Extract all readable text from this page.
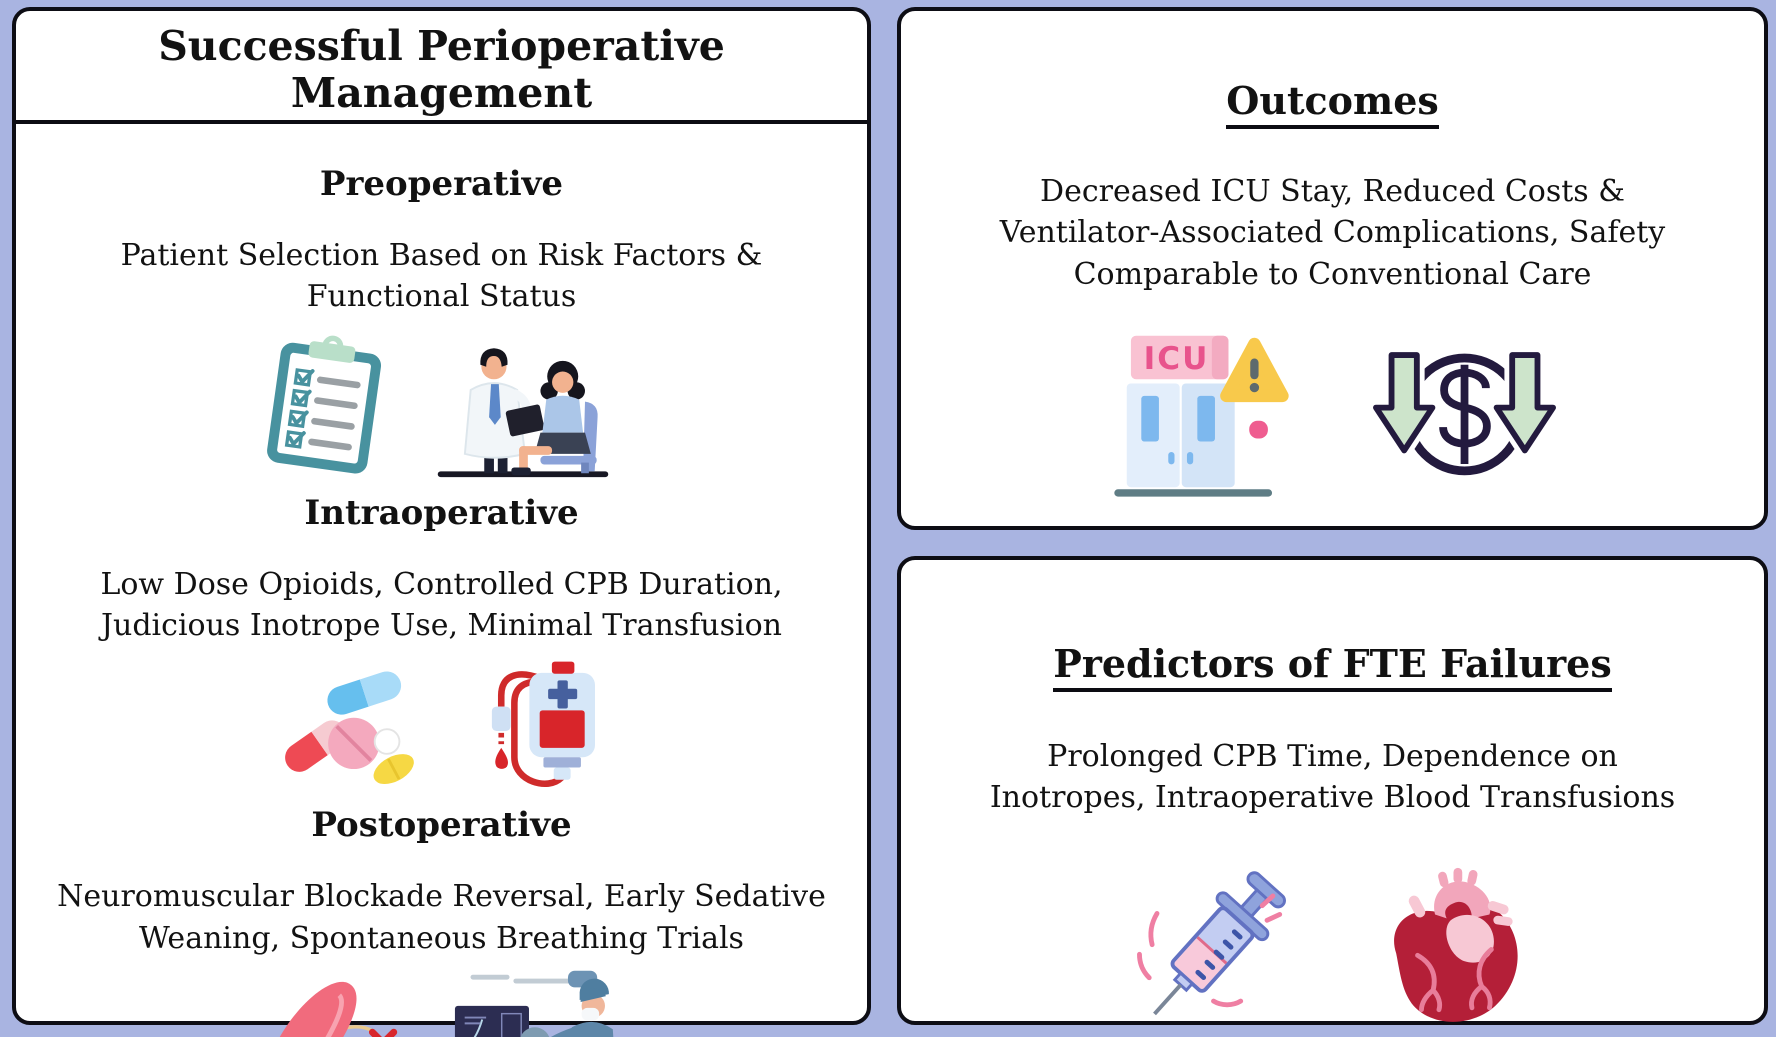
Successful Perioperative Management
Preoperative

Patient Selection Based on Risk Factors & Functional Status

Intraoperative

Low Dose Opioids, Controlled CPB Duration, Judicious Inotrope Use, Minimal Transfusion

Postoperative

Neuromuscular Blockade Reversal, Early Sedative Weaning, Spontaneous Breathing Trials

Outcomes

Decreased ICU Stay, Reduced Costs & Ventilator-Associated Complications, Safety Comparable to Conventional Care

ICU
Predictors of FTE Failures

Prolonged CPB Time, Dependence on Inotropes, Intraoperative Blood Transfusions
